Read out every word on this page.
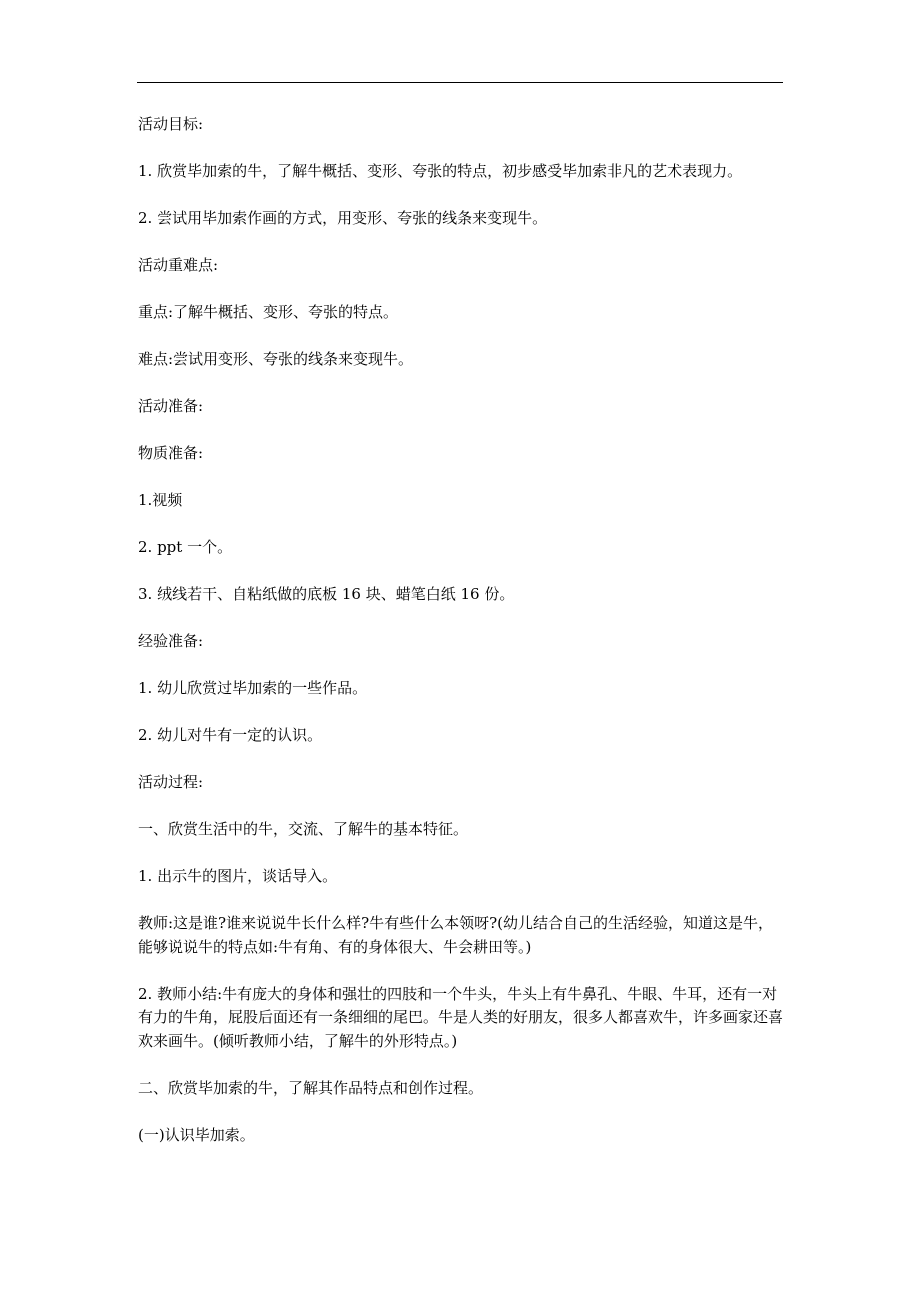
活动目标:

1. 欣赏毕加索的牛，了解牛概括、变形、夸张的特点，初步感受毕加索非凡的艺术表现力。

2. 尝试用毕加索作画的方式，用变形、夸张的线条来变现牛。

活动重难点:

重点:了解牛概括、变形、夸张的特点。

难点:尝试用变形、夸张的线条来变现牛。

活动准备:

物质准备:

1.视频

2. ppt 一个。

3. 绒线若干、自粘纸做的底板 16 块、蜡笔白纸 16 份。

经验准备:

1. 幼儿欣赏过毕加索的一些作品。

2. 幼儿对牛有一定的认识。

活动过程:

一、欣赏生活中的牛，交流、了解牛的基本特征。

1. 出示牛的图片，谈话导入。

教师:这是谁?谁来说说牛长什么样?牛有些什么本领呀?(幼儿结合自己的生活经验，知道这是牛，能够说说牛的特点如:牛有角、有的身体很大、牛会耕田等。)

2. 教师小结:牛有庞大的身体和强壮的四肢和一个牛头，牛头上有牛鼻孔、牛眼、牛耳，还有一对有力的牛角，屁股后面还有一条细细的尾巴。牛是人类的好朋友，很多人都喜欢牛，许多画家还喜欢来画牛。(倾听教师小结，了解牛的外形特点。)

二、欣赏毕加索的牛，了解其作品特点和创作过程。

(一)认识毕加索。
